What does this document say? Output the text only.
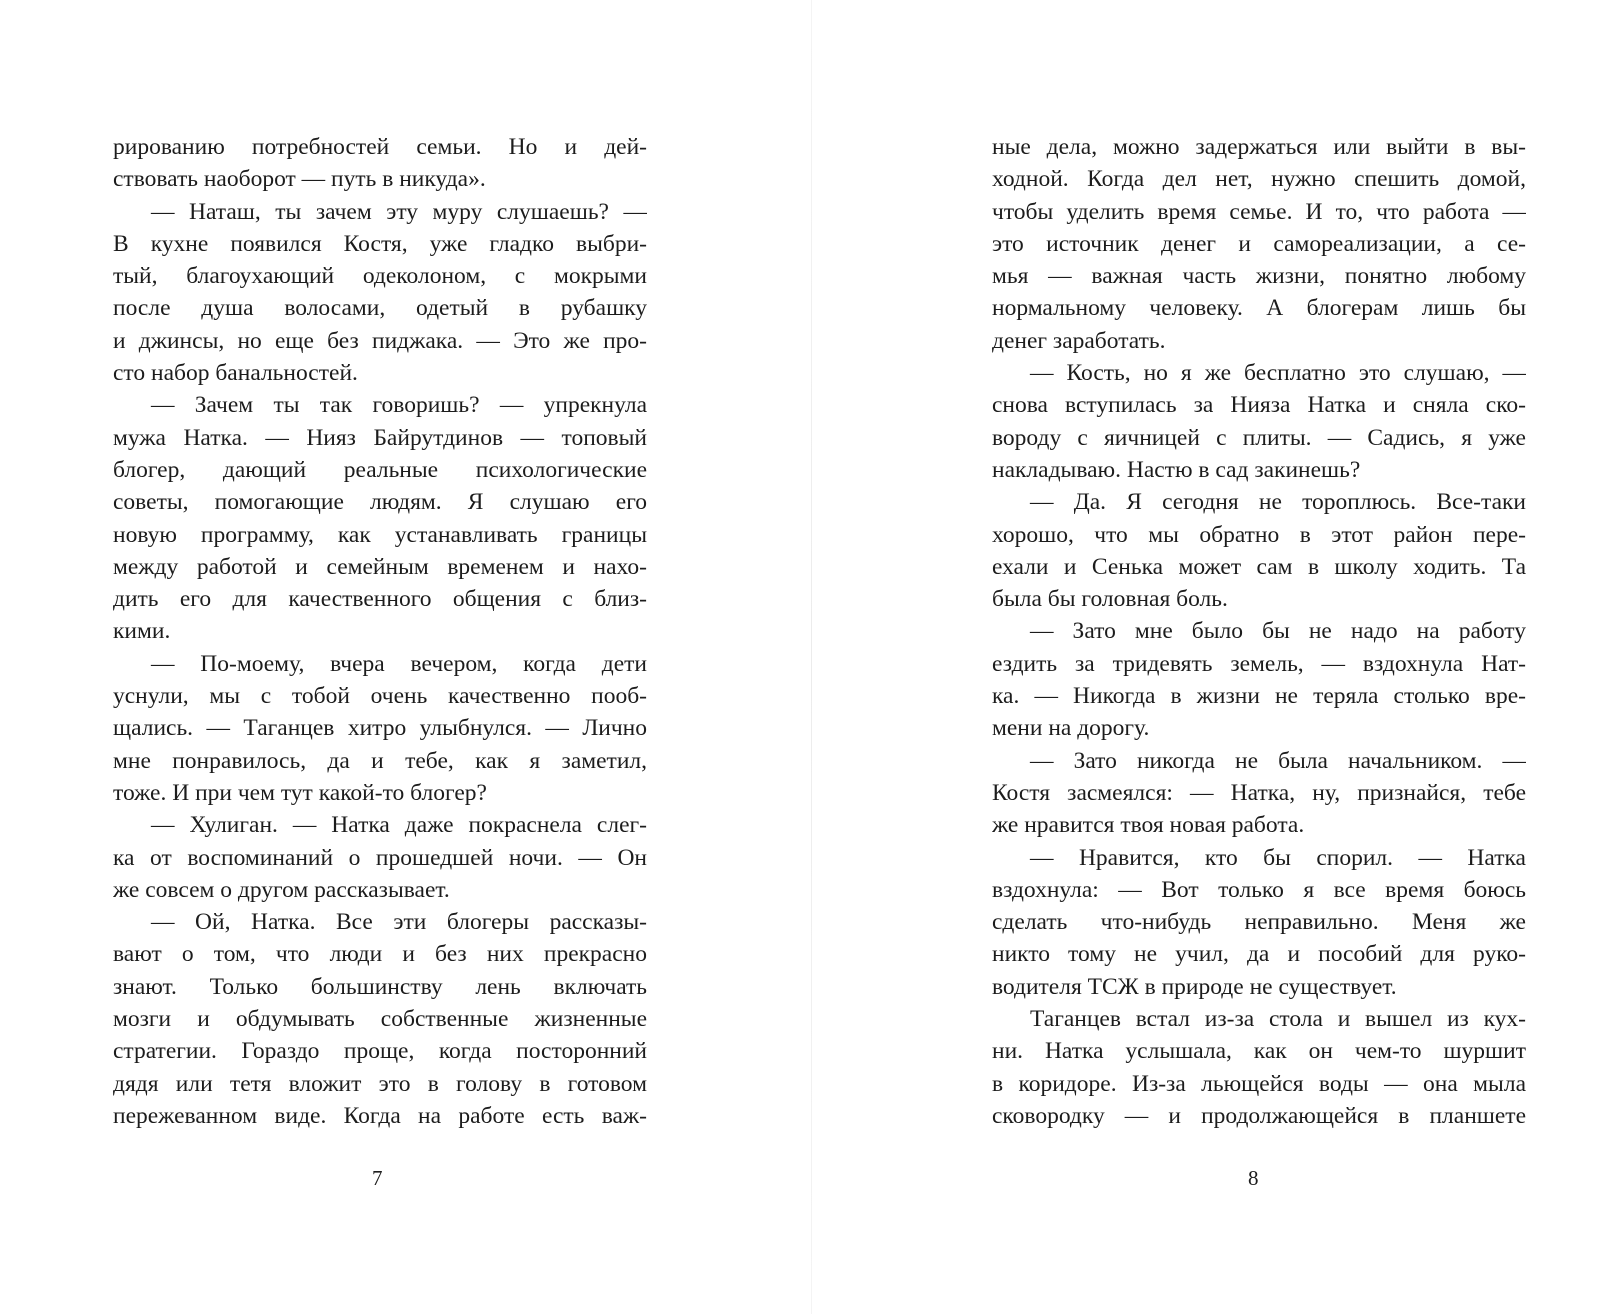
рированию потребностей семьи. Но и дей-
ствовать наоборот — путь в никуда».
— Наташ, ты зачем эту муру слушаешь? —
В кухне появился Костя, уже гладко выбри-
тый, благоухающий одеколоном, с мокрыми
после душа волосами, одетый в рубашку
и джинсы, но еще без пиджака. — Это же про-
сто набор банальностей.
— Зачем ты так говоришь? — упрекнула
мужа Натка. — Нияз Байрутдинов — топовый
блогер, дающий реальные психологические
советы, помогающие людям. Я слушаю его
новую программу, как устанавливать границы
между работой и семейным временем и нахо-
дить его для качественного общения с близ-
кими.
— По-моему, вчера вечером, когда дети
уснули, мы с тобой очень качественно пооб-
щались. — Таганцев хитро улыбнулся. — Лично
мне понравилось, да и тебе, как я заметил,
тоже. И при чем тут какой-то блогер?
— Хулиган. — Натка даже покраснела слег-
ка от воспоминаний о прошедшей ночи. — Он
же совсем о другом рассказывает.
— Ой, Натка. Все эти блогеры рассказы-
вают о том, что люди и без них прекрасно
знают. Только большинству лень включать
мозги и обдумывать собственные жизненные
стратегии. Гораздо проще, когда посторонний
дядя или тетя вложит это в голову в готовом
пережеванном виде. Когда на работе есть важ-
7
ные дела, можно задержаться или выйти в вы-
ходной. Когда дел нет, нужно спешить домой,
чтобы уделить время семье. И то, что работа —
это источник денег и самореализации, а се-
мья — важная часть жизни, понятно любому
нормальному человеку. А блогерам лишь бы
денег заработать.
— Кость, но я же бесплатно это слушаю, —
снова вступилась за Нияза Натка и сняла ско-
вороду с яичницей с плиты. — Садись, я уже
накладываю. Настю в сад закинешь?
— Да. Я сегодня не тороплюсь. Все-таки
хорошо, что мы обратно в этот район пере-
ехали и Сенька может сам в школу ходить. Та
была бы головная боль.
— Зато мне было бы не надо на работу
ездить за тридевять земель, — вздохнула Нат-
ка. — Никогда в жизни не теряла столько вре-
мени на дорогу.
— Зато никогда не была начальником. —
Костя засмеялся: — Натка, ну, признайся, тебе
же нравится твоя новая работа.
— Нравится, кто бы спорил. — Натка
вздохнула: — Вот только я все время боюсь
сделать что-нибудь неправильно. Меня же
никто тому не учил, да и пособий для руко-
водителя ТСЖ в природе не существует.
Таганцев встал из-за стола и вышел из кух-
ни. Натка услышала, как он чем-то шуршит
в коридоре. Из-за льющейся воды — она мыла
сковородку — и продолжающейся в планшете
8
